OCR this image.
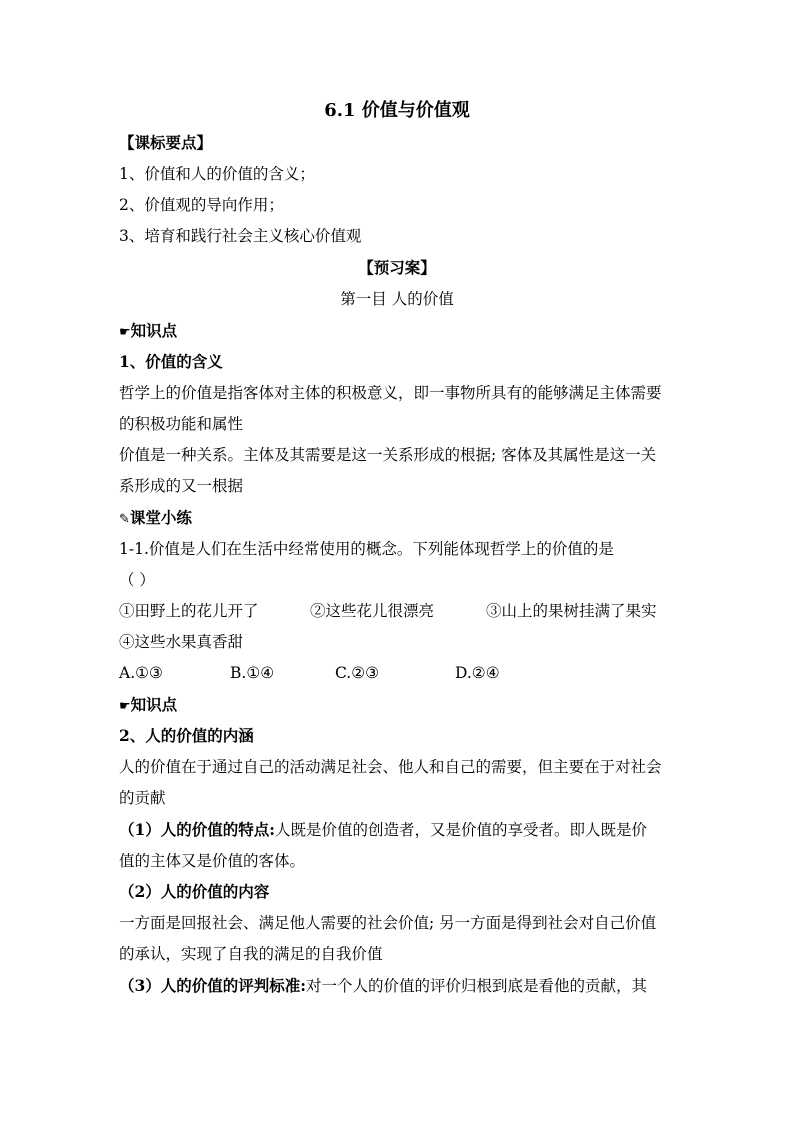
6.1 价值与价值观
【课标要点】
1、价值和人的价值的含义；
2、价值观的导向作用；
3、培育和践行社会主义核心价值观
【预习案】
第一目 人的价值
☛知识点
1、价值的含义
哲学上的价值是指客体对主体的积极意义，即一事物所具有的能够满足主体需要
的积极功能和属性
价值是一种关系。主体及其需要是这一关系形成的根据; 客体及其属性是这一关
系形成的又一根据
✎课堂小练
1-1.价值是人们在生活中经常使用的概念。下列能体现哲学上的价值的是
（ ）
①田野上的花儿开了	②这些花儿很漂亮	③山上的果树挂满了果实
④这些水果真香甜
A.①③	B.①④	C.②③	D.②④
☛知识点
2、人的价值的内涵
人的价值在于通过自己的活动满足社会、他人和自己的需要，但主要在于对社会
的贡献
（1）人的价值的特点:人既是价值的创造者，又是价值的享受者。即人既是价
值的主体又是价值的客体。
（2）人的价值的内容
一方面是回报社会、满足他人需要的社会价值; 另一方面是得到社会对自己价值
的承认，实现了自我的满足的自我价值
（3）人的价值的评判标准:对一个人的价值的评价归根到底是看他的贡献，其
